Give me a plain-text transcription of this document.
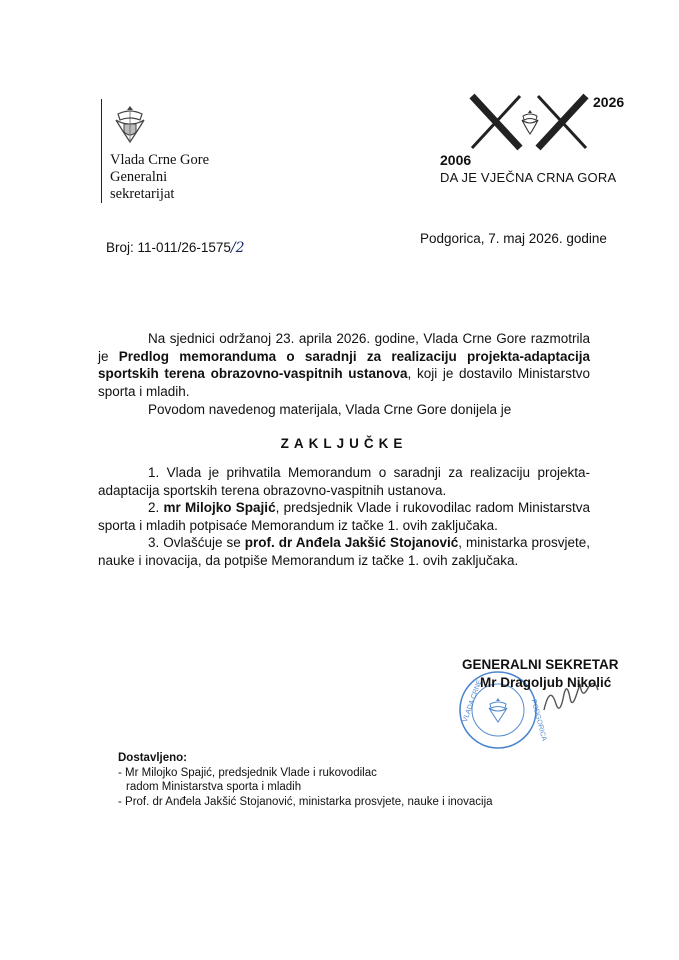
Vlada Crne Gore
Generalni
sekretarijat
2026
2006
DA JE VJEČNA CRNA GORA
Broj: 11-011/26-1575/2
Podgorica, 7. maj 2026. godine

Na sjednici održanoj 23. aprila 2026. godine, Vlada Crne Gore razmotrila je Predlog memoranduma o saradnji za realizaciju projekta-adaptacija sportskih terena obrazovno-vaspitnih ustanova, koji je dostavilo Ministarstvo sporta i mladih.

Povodom navedenog materijala, Vlada Crne Gore donijela je

ZAKLJUČKE

1. Vlada je prihvatila Memorandum o saradnji za realizaciju projekta-adaptacija sportskih terena obrazovno-vaspitnih ustanova.

2. mr Milojko Spajić, predsjednik Vlade i rukovodilac radom Ministarstva sporta i mladih potpisaće Memorandum iz tačke 1. ovih zaključaka.

3. Ovlašćuje se prof. dr Anđela Jakšić Stojanović, ministarka prosvjete, nauke i inovacija, da potpiše Memorandum iz tačke 1. ovih zaključaka.

VLADA CRNE	PODGORICA
GENERALNI SEKRETAR
Mr Dragoljub Nikolić
Dostavljeno:
- Mr Milojko Spajić, predsjednik Vlade i rukovodilac
radom Ministarstva sporta i mladih
- Prof. dr Anđela Jakšić Stojanović, ministarka prosvjete, nauke i inovacija
